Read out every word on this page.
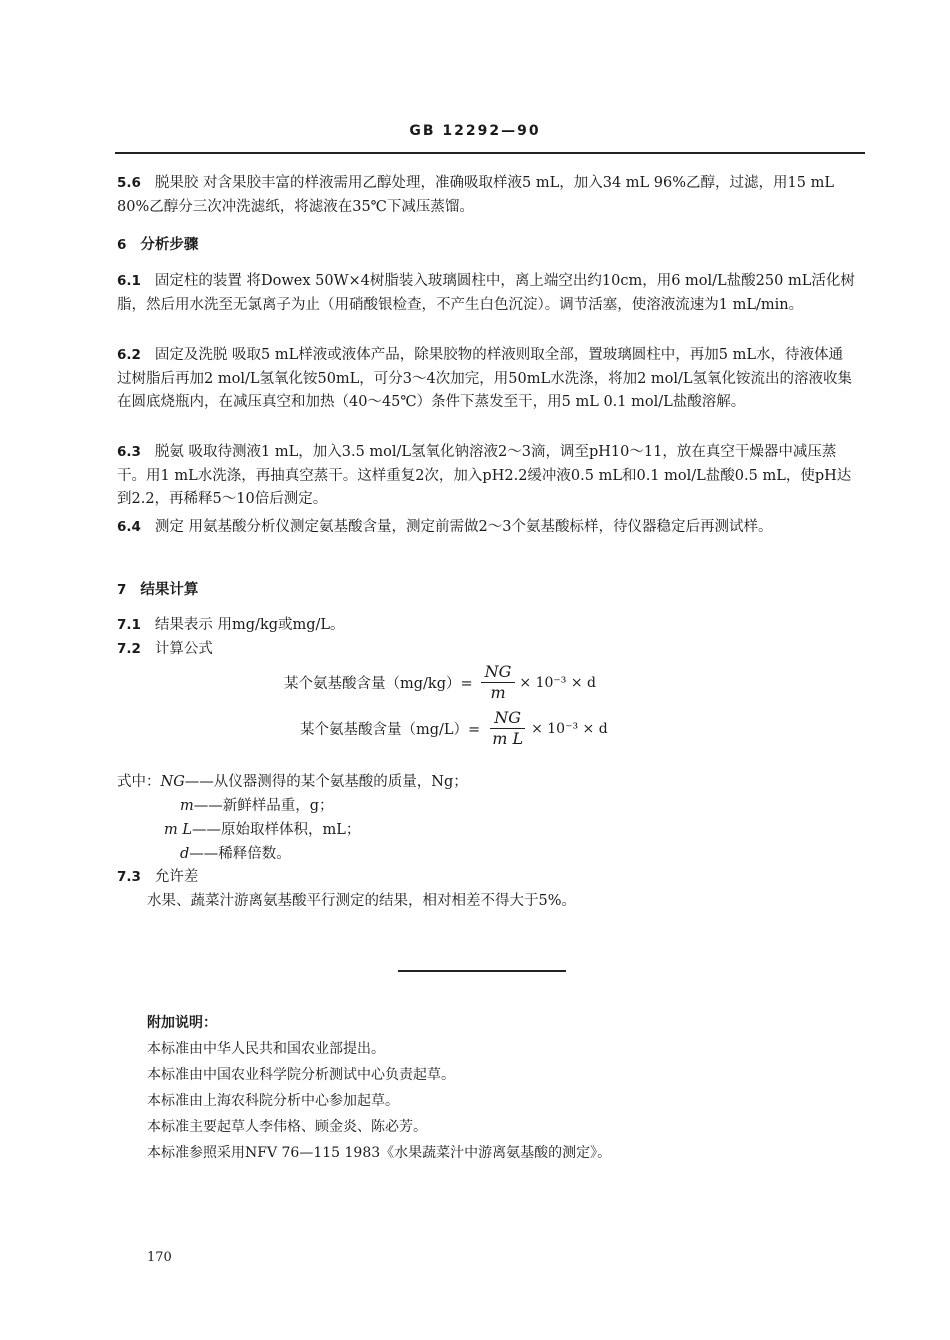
GB 12292—90
5.6 脱果胶 对含果胶丰富的样液需用乙醇处理，准确吸取样液5 mL，加入34 mL 96%乙醇，过滤，用15 mL 80%乙醇分三次冲洗滤纸，将滤液在35℃下减压蒸馏。
6 分析步骤
6.1 固定柱的装置 将Dowex 50W×4树脂装入玻璃圆柱中，离上端空出约10cm，用6 mol/L盐酸250 mL活化树脂，然后用水洗至无氯离子为止（用硝酸银检查，不产生白色沉淀）。调节活塞，使溶液流速为1 mL/min。
6.2 固定及洗脱 吸取5 mL样液或液体产品，除果胶物的样液则取全部，置玻璃圆柱中，再加5 mL水，待液体通过树脂后再加2 mol/L氢氧化铵50mL，可分3～4次加完，用50mL水洗涤，将加2 mol/L氢氧化铵流出的溶液收集在圆底烧瓶内，在减压真空和加热（40～45℃）条件下蒸发至干，用5 mL 0.1 mol/L盐酸溶解。
6.3 脱氨 吸取待测液1 mL，加入3.5 mol/L氢氧化钠溶液2～3滴，调至pH10～11，放在真空干燥器中减压蒸干。用1 mL水洗涤，再抽真空蒸干。这样重复2次，加入pH2.2缓冲液0.5 mL和0.1 mol/L盐酸0.5 mL，使pH达到2.2，再稀释5～10倍后测定。
6.4 测定 用氨基酸分析仪测定氨基酸含量，测定前需做2～3个氨基酸标样，待仪器稳定后再测试样。
7 结果计算
7.1 结果表示 用mg/kg或mg/L。
7.2 计算公式
某个氨基酸含量$(mg/kg)= \frac{NG}{m} \times 10^{-3} \times d$
某个氨基酸含量$(mg/L)= \frac{NG}{\text{m L}} \times 10^{-3} \times d$
式中：NG——从仪器测得的某个氨基酸的质量，Ng；
m——新鲜样品重，g；
m L——原始取样体积，mL；
d——稀释倍数。
7.3 允许差
水果、蔬菜汁游离氨基酸平行测定的结果，相对相差不得大于5%。
附加说明：
本标准由中华人民共和国农业部提出。
本标准由中国农业科学院分析测试中心负责起草。
本标准由上海农科院分析中心参加起草。
本标准主要起草人李伟格、顾金炎、陈必芳。
本标准参照采用NFV 76—115 1983《水果蔬菜汁中游离氨基酸的测定》。
170
